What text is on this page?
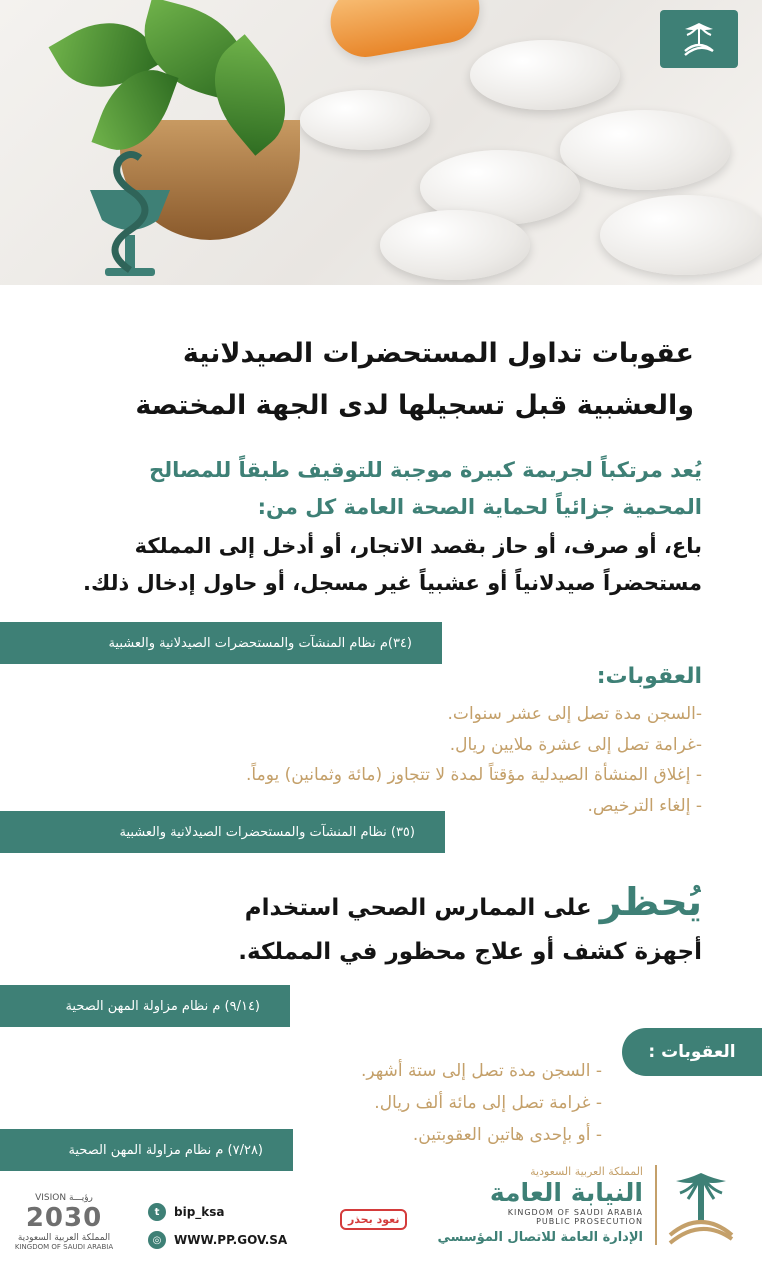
عقوبات تداول المستحضرات الصيدلانية
والعشبية قبل تسجيلها لدى الجهة المختصة
يُعد مرتكباً لجريمة كبيرة موجبة للتوقيف طبقاً للمصالح
المحمية جزائياً لحماية الصحة العامة كل من:
باع، أو صرف، أو حاز بقصد الاتجار، أو أدخل إلى المملكة
مستحضراً صيدلانياً أو عشبياً غير مسجل، أو حاول إدخال ذلك.
(٣٤)م نظام المنشآت والمستحضرات الصيدلانية والعشبية
العقوبات:
-السجن مدة تصل إلى عشر سنوات.
-غرامة تصل إلى عشرة ملايين ريال.
- إغلاق المنشأة الصيدلية مؤقتاً لمدة لا تتجاوز (مائة وثمانين) يوماً.
- إلغاء الترخيص.
(٣٥) نظام المنشآت والمستحضرات الصيدلانية والعشبية
يُحظر على الممارس الصحي استخدام
أجهزة كشف أو علاج محظور في المملكة.
(٩/١٤) م نظام مزاولة المهن الصحية
العقوبات :
- السجن مدة تصل إلى ستة أشهر.
- غرامة تصل إلى مائة ألف ريال.
- أو بإحدى هاتين العقوبتين.
(٧/٢٨) م نظام مزاولة المهن الصحية
VISION رؤيـــة
2030
المملكة العربية السعودية
KINGDOM OF SAUDI ARABIA
t	bip_ksa
◎	WWW.PP.GOV.SA
نعود بحذر
المملكة العربية السعودية
النيابة العامة
KINGDOM OF SAUDI ARABIA
PUBLIC PROSECUTION
الإدارة العامة للاتصال المؤسسي
